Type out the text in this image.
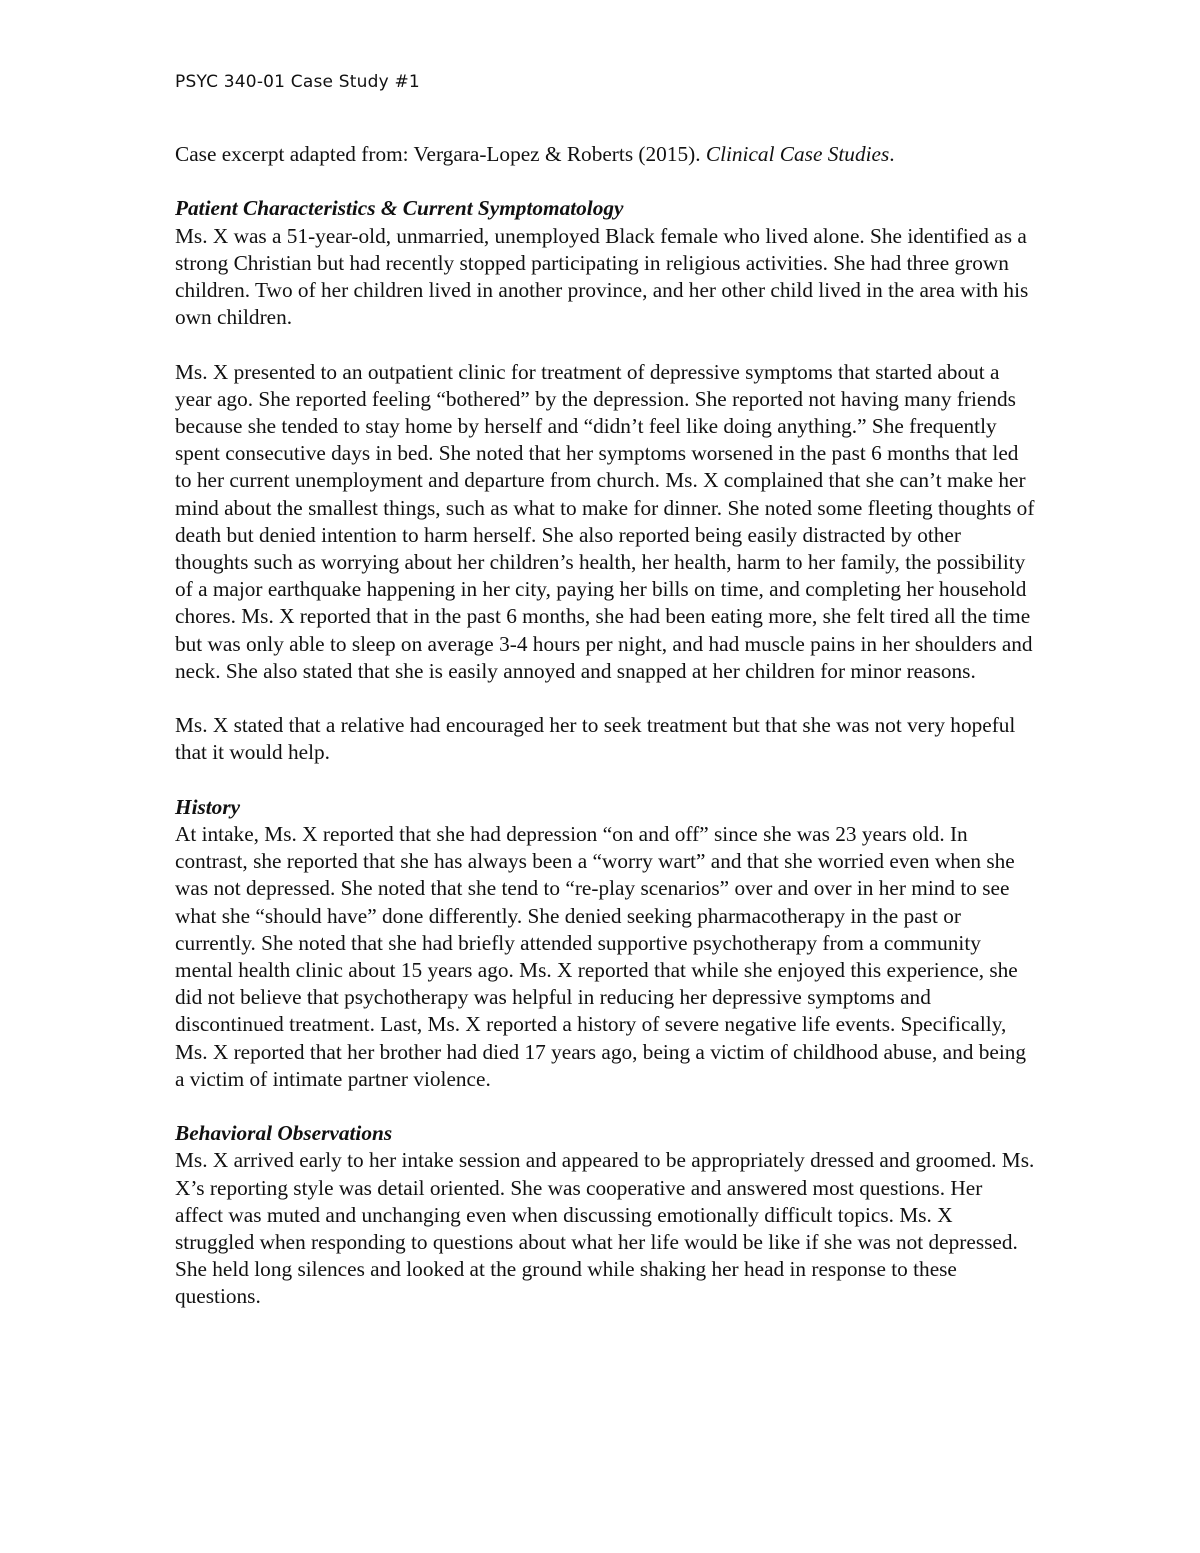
PSYC 340-01 Case Study #1

Case excerpt adapted from: Vergara-Lopez & Roberts (2015). Clinical Case Studies.

Patient Characteristics & Current Symptomatology

Ms. X was a 51-year-old, unmarried, unemployed Black female who lived alone. She identified as a strong Christian but had recently stopped participating in religious activities. She had three grown children. Two of her children lived in another province, and her other child lived in the area with his own children.

Ms. X presented to an outpatient clinic for treatment of depressive symptoms that started about a year ago. She reported feeling “bothered” by the depression. She reported not having many friends because she tended to stay home by herself and “didn’t feel like doing anything.” She frequently spent consecutive days in bed. She noted that her symptoms worsened in the past 6 months that led to her current unemployment and departure from church. Ms. X complained that she can’t make her mind about the smallest things, such as what to make for dinner. She noted some fleeting thoughts of death but denied intention to harm herself. She also reported being easily distracted by other thoughts such as worrying about her children’s health, her health, harm to her family, the possibility of a major earthquake happening in her city, paying her bills on time, and completing her household chores. Ms. X reported that in the past 6 months, she had been eating more, she felt tired all the time but was only able to sleep on average 3-4 hours per night, and had muscle pains in her shoulders and neck. She also stated that she is easily annoyed and snapped at her children for minor reasons.

Ms. X stated that a relative had encouraged her to seek treatment but that she was not very hopeful that it would help.

History

At intake, Ms. X reported that she had depression “on and off” since she was 23 years old. In contrast, she reported that she has always been a “worry wart” and that she worried even when she was not depressed. She noted that she tend to “re-play scenarios” over and over in her mind to see what she “should have” done differently. She denied seeking pharmacotherapy in the past or currently. She noted that she had briefly attended supportive psychotherapy from a community mental health clinic about 15 years ago. Ms. X reported that while she enjoyed this experience, she did not believe that psychotherapy was helpful in reducing her depressive symptoms and discontinued treatment. Last, Ms. X reported a history of severe negative life events. Specifically, Ms. X reported that her brother had died 17 years ago, being a victim of childhood abuse, and being a victim of intimate partner violence.

Behavioral Observations

Ms. X arrived early to her intake session and appeared to be appropriately dressed and groomed. Ms. X’s reporting style was detail oriented. She was cooperative and answered most questions. Her affect was muted and unchanging even when discussing emotionally difficult topics. Ms. X struggled when responding to questions about what her life would be like if she was not depressed. She held long silences and looked at the ground while shaking her head in response to these questions.
